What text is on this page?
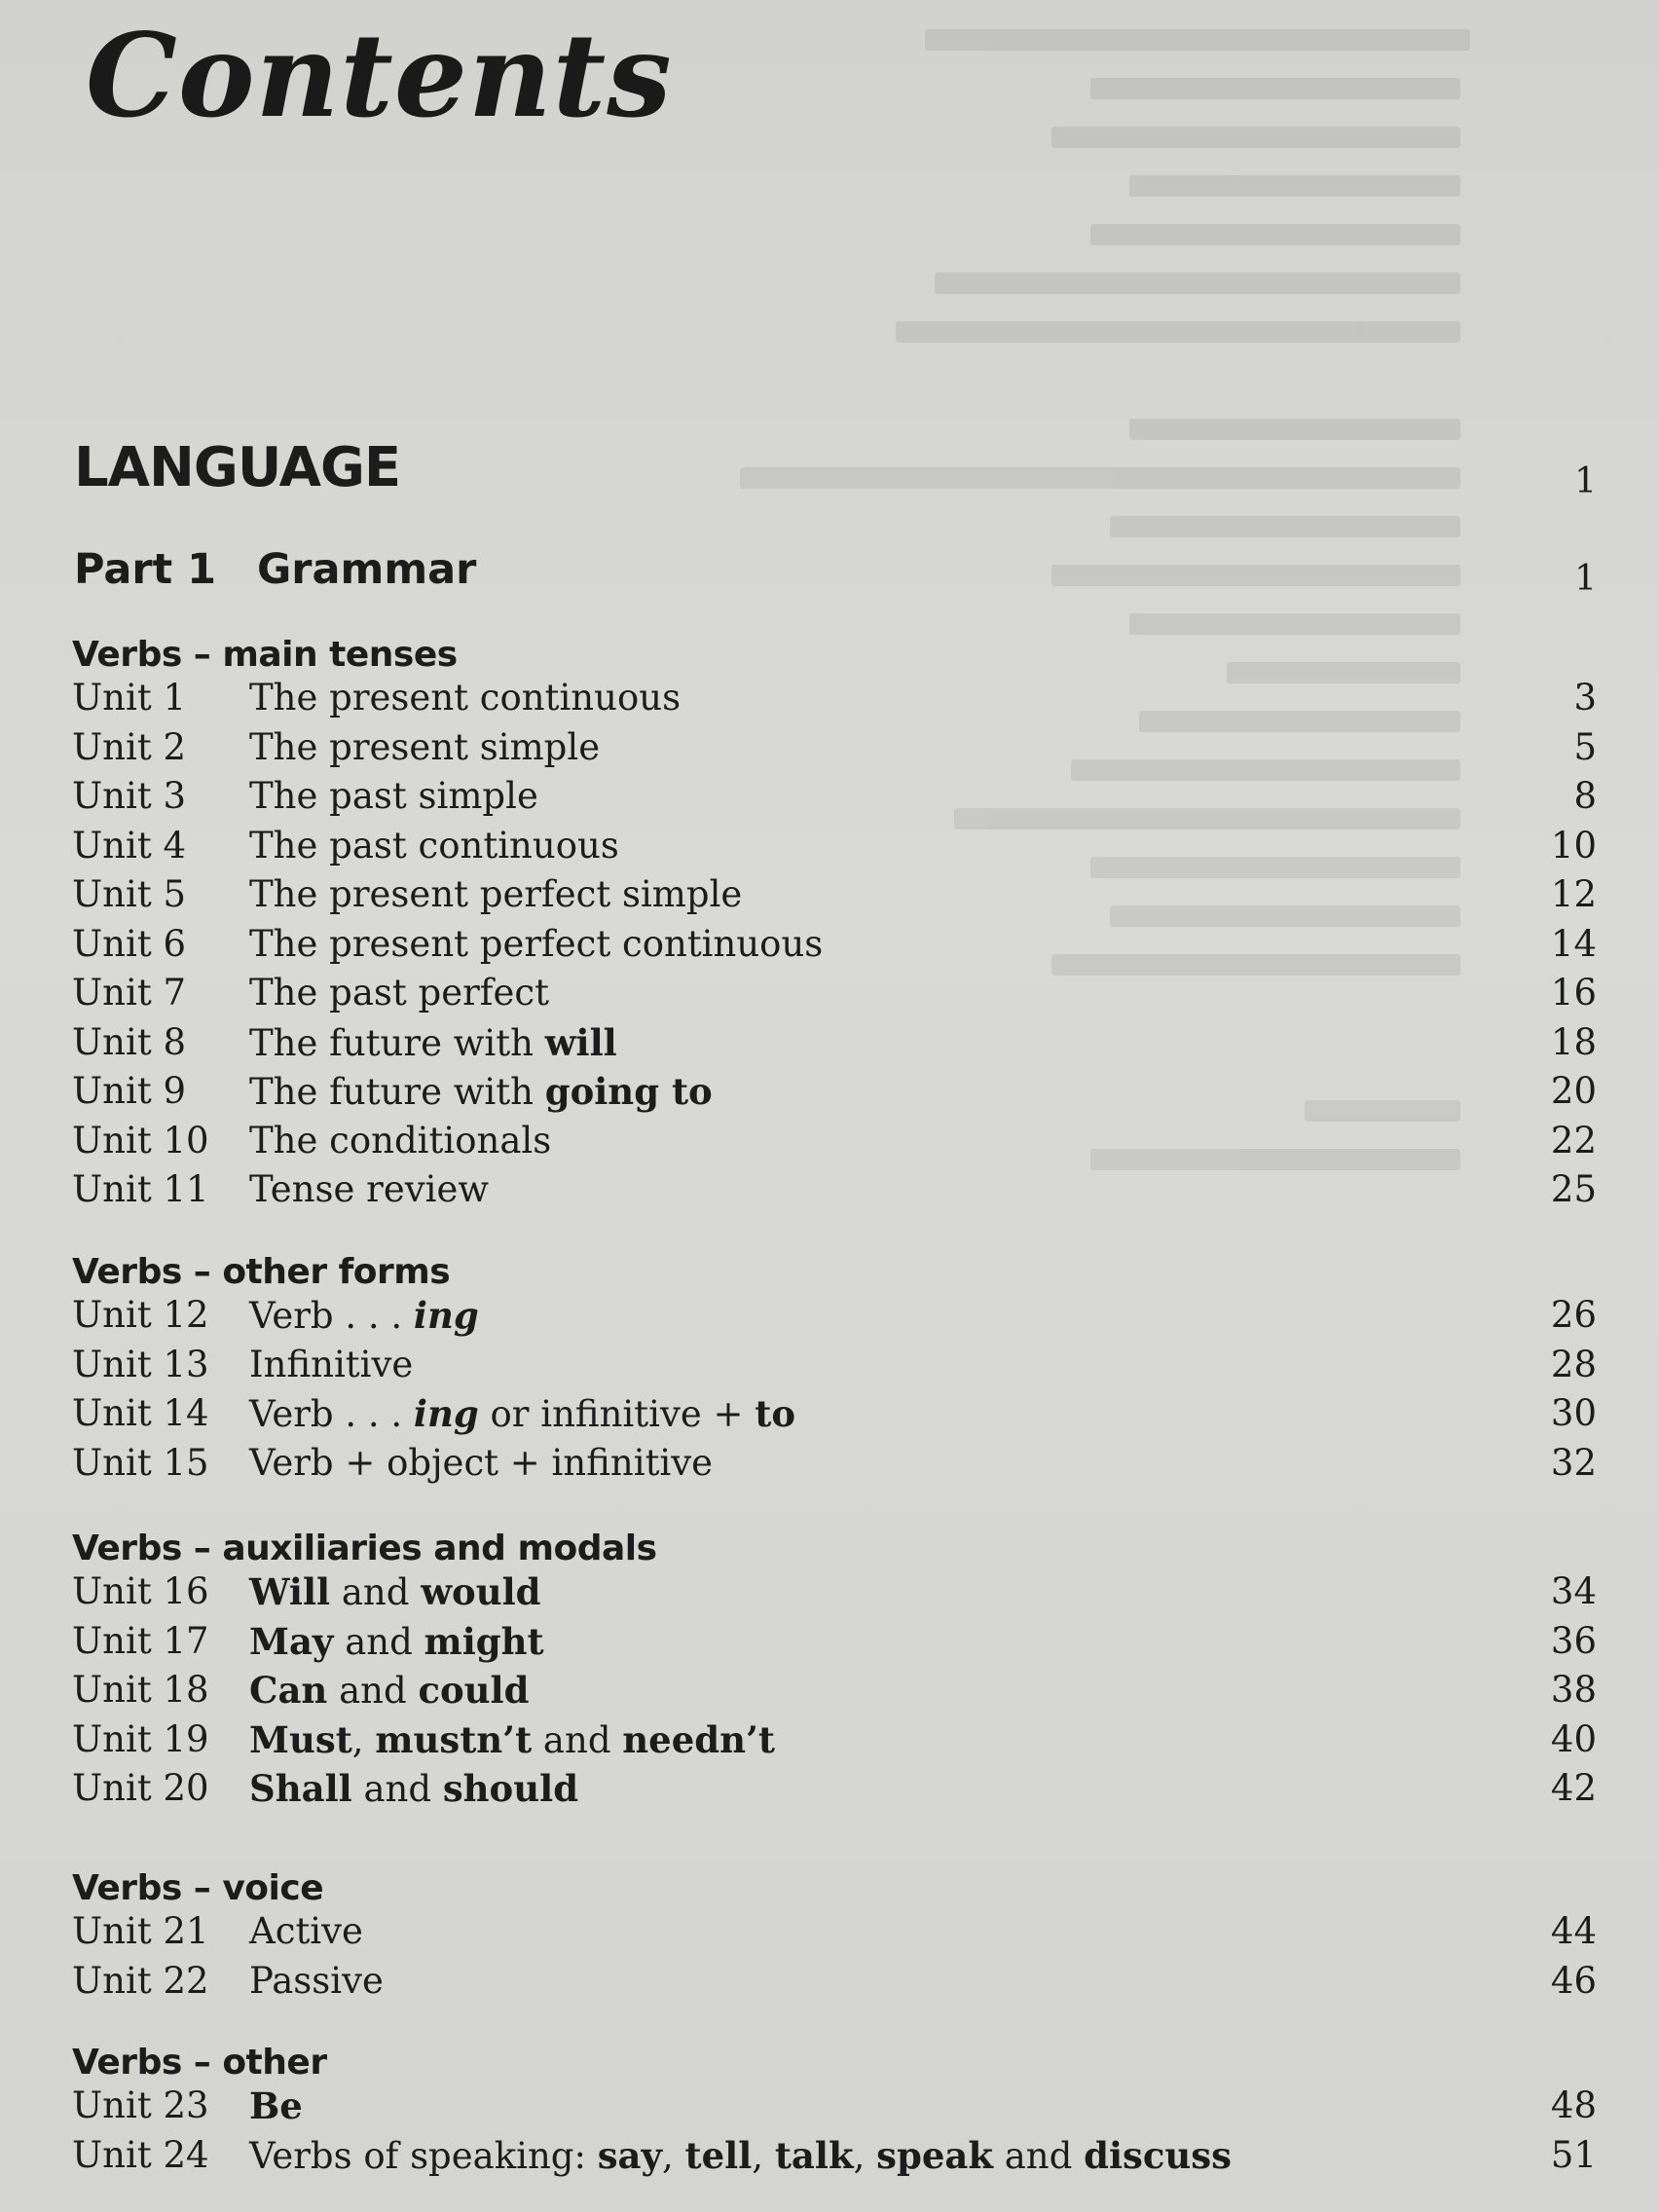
Contents
LANGUAGE	1
Part 1 Grammar	1
Verbs – main tenses
Unit 1	The present continuous	3
Unit 2	The present simple	5
Unit 3	The past simple	8
Unit 4	The past continuous	10
Unit 5	The present perfect simple	12
Unit 6	The present perfect continuous	14
Unit 7	The past perfect	16
Unit 8	The future with will	18
Unit 9	The future with going to	20
Unit 10	The conditionals	22
Unit 11	Tense review	25
Verbs – other forms
Unit 12	Verb . . . ing	26
Unit 13	Infinitive	28
Unit 14	Verb . . . ing or infinitive + to	30
Unit 15	Verb + object + infinitive	32
Verbs – auxiliaries and modals
Unit 16	Will and would	34
Unit 17	May and might	36
Unit 18	Can and could	38
Unit 19	Must, mustn’t and needn’t	40
Unit 20	Shall and should	42
Verbs – voice
Unit 21	Active	44
Unit 22	Passive	46
Verbs – other
Unit 23	Be	48
Unit 24	Verbs of speaking: say, tell, talk, speak and discuss	51
